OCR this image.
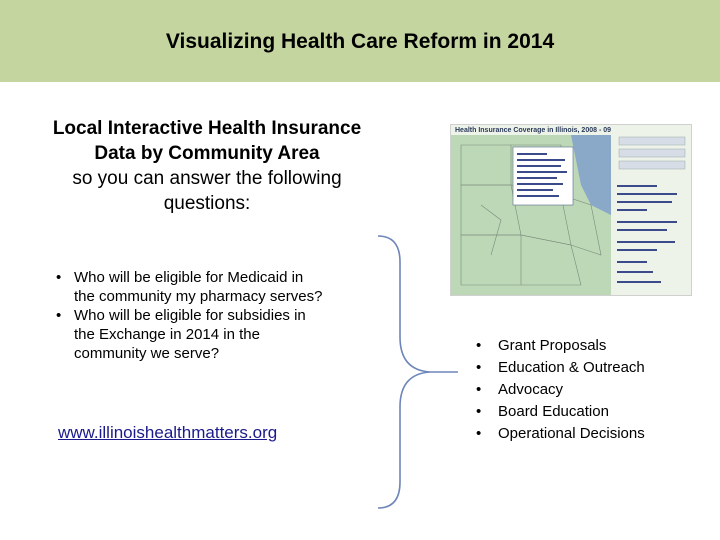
Visualizing Health Care Reform in 2014
Local Interactive Health Insurance
Data by Community Area
so you can answer the following
questions:
• Who will be eligible for Medicaid in the community my pharmacy serves?
• Who will be eligible for subsidies in the Exchange in 2014 in the community we serve?
www.illinoishealthmatters.org
Health Insurance Coverage in Illinois, 2008 - 09
• Grant Proposals
• Education & Outreach
• Advocacy
• Board Education
• Operational Decisions
